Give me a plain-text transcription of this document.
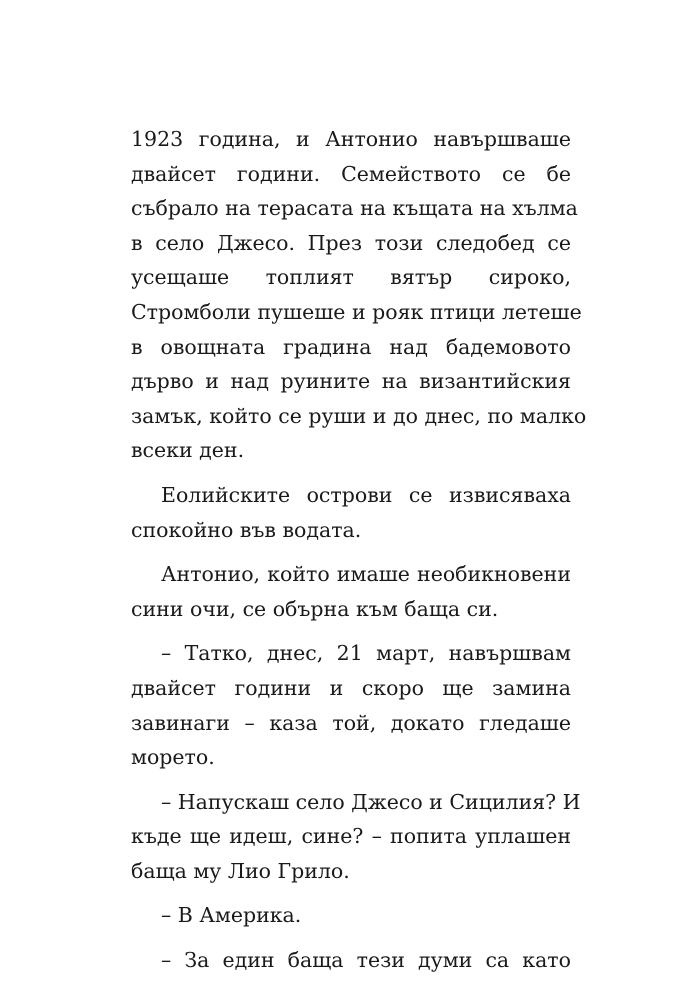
1923 година, и Антонио навършваше
двайсет години. Семейството се бе
събрало на терасата на къщата на хълма
в село Джесо. През този следобед се
усещаше топлият вятър сироко,
Стромболи пушеше и рояк птици летеше
в овощната градина над бадемовото
дърво и над руините на византийския
замък, който се руши и до днес, по малко
всеки ден.

Еолийските острови се извисяваха
спокойно във водата.

Антонио, който имаше необикновени
сини очи, се обърна към баща си.

– Татко, днес, 21 март, навършвам
двайсет години и скоро ще замина
завинаги – каза той, докато гледаше
морето.

– Напускаш село Джесо и Сицилия? И
къде ще идеш, сине? – попита уплашен
баща му Лио Грило.

– В Америка.

– За един баща тези думи са като
